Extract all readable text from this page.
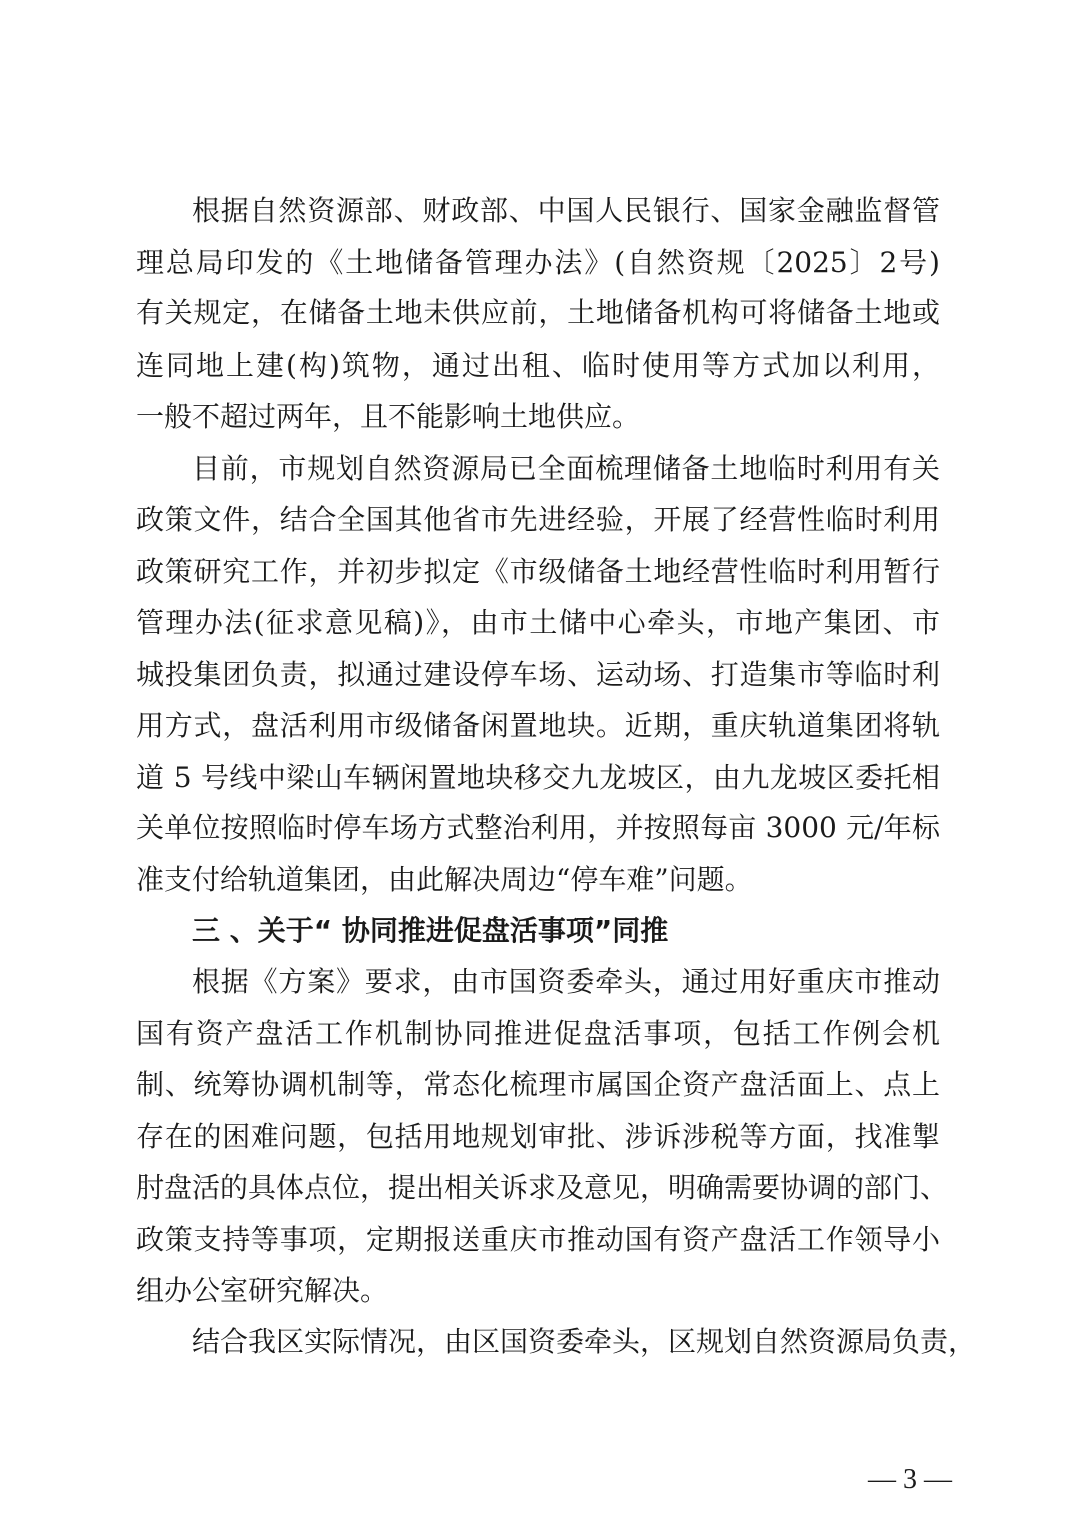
根据自然资源部、财政部、中国人民银行、国家金融监督管
理总局印发的《土地储备管理办法》(自然资规〔2025〕2号)
有关规定，在储备土地未供应前，土地储备机构可将储备土地或
连同地上建(构)筑物，通过出租、临时使用等方式加以利用，
一般不超过两年，且不能影响土地供应。
目前，市规划自然资源局已全面梳理储备土地临时利用有关
政策文件，结合全国其他省市先进经验，开展了经营性临时利用
政策研究工作，并初步拟定《市级储备土地经营性临时利用暂行
管理办法(征求意见稿)》，由市土储中心牵头，市地产集团、市
城投集团负责，拟通过建设停车场、运动场、打造集市等临时利
用方式，盘活利用市级储备闲置地块。近期，重庆轨道集团将轨
道 5 号线中梁山车辆闲置地块移交九龙坡区，由九龙坡区委托相
关单位按照临时停车场方式整治利用，并按照每亩 3000 元/年标
准支付给轨道集团，由此解决周边“停车难”问题。
三 、关于“ 协同推进促盘活事项”同推
根据《方案》要求，由市国资委牵头，通过用好重庆市推动
国有资产盘活工作机制协同推进促盘活事项，包括工作例会机
制、统筹协调机制等，常态化梳理市属国企资产盘活面上、点上
存在的困难问题，包括用地规划审批、涉诉涉税等方面，找准掣
肘盘活的具体点位，提出相关诉求及意见，明确需要协调的部门、
政策支持等事项，定期报送重庆市推动国有资产盘活工作领导小
组办公室研究解决。
结合我区实际情况，由区国资委牵头，区规划自然资源局负责，
— 3 —
